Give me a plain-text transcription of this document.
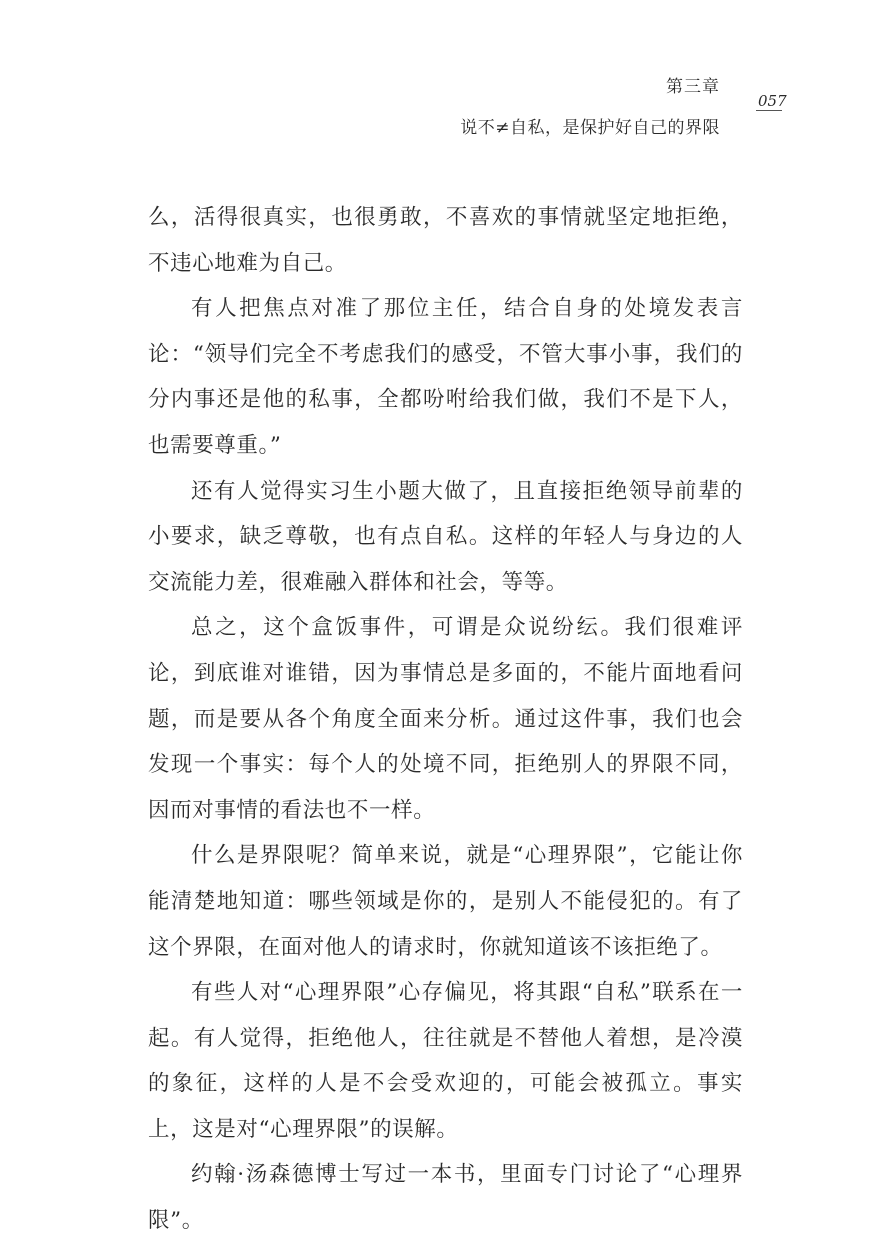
第三章
说不≠自私，是保护好自己的界限
057

么，活得很真实，也很勇敢，不喜欢的事情就坚定地拒绝，不违心地难为自己。

有人把焦点对准了那位主任，结合自身的处境发表言论：“领导们完全不考虑我们的感受，不管大事小事，我们的分内事还是他的私事，全都吩咐给我们做，我们不是下人，也需要尊重。”

还有人觉得实习生小题大做了，且直接拒绝领导前辈的小要求，缺乏尊敬，也有点自私。这样的年轻人与身边的人交流能力差，很难融入群体和社会，等等。

总之，这个盒饭事件，可谓是众说纷纭。我们很难评论，到底谁对谁错，因为事情总是多面的，不能片面地看问题，而是要从各个角度全面来分析。通过这件事，我们也会发现一个事实：每个人的处境不同，拒绝别人的界限不同，因而对事情的看法也不一样。

什么是界限呢？简单来说，就是“心理界限”，它能让你能清楚地知道：哪些领域是你的，是别人不能侵犯的。有了这个界限，在面对他人的请求时，你就知道该不该拒绝了。

有些人对“心理界限”心存偏见，将其跟“自私”联系在一起。有人觉得，拒绝他人，往往就是不替他人着想，是冷漠的象征，这样的人是不会受欢迎的，可能会被孤立。事实上，这是对“心理界限”的误解。

约翰·汤森德博士写过一本书，里面专门讨论了“心理界限”。
